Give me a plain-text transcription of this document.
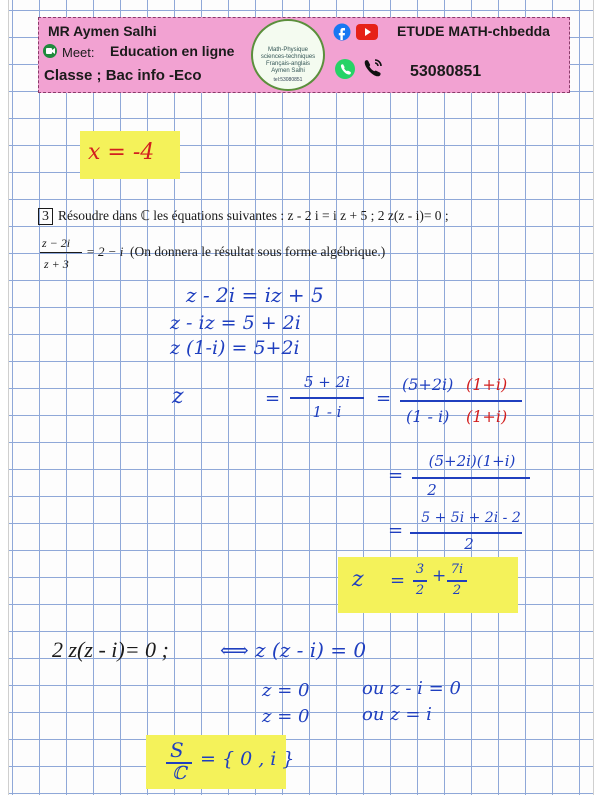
MR Aymen Salhi
Meet: Education en ligne
Classe ; Bac info -Eco
Math-Physique
sciences-techniques
Français-anglais
Aymen Salhi
tel:53080851
ETUDE MATH-chbedda
53080851
x = -4
3 Résoudre dans ℂ les équations suivantes : z - 2 i = i z + 5 ; 2 z(z - i)= 0 ;
z − 2i
z + 3
= 2 − i (On donnera le résultat sous forme algébrique.)
z - 2i = iz + 5
z - iz = 5 + 2i
z (1-i) = 5+2i
z	=
5 + 2i
1 - i
=
(5+2i) (1+i)
(1 - i) (1+i)
=
(5+2i)(1+i)
2
=
5 + 5i + 2i - 2
2
z =
3
2
+ 7i
2
2 z(z - i)= 0 ;	⟺ z (z - i) = 0
z = 0	ou z - i = 0
z = 0	ou z = i
S
ℂ
= { 0 , i }
